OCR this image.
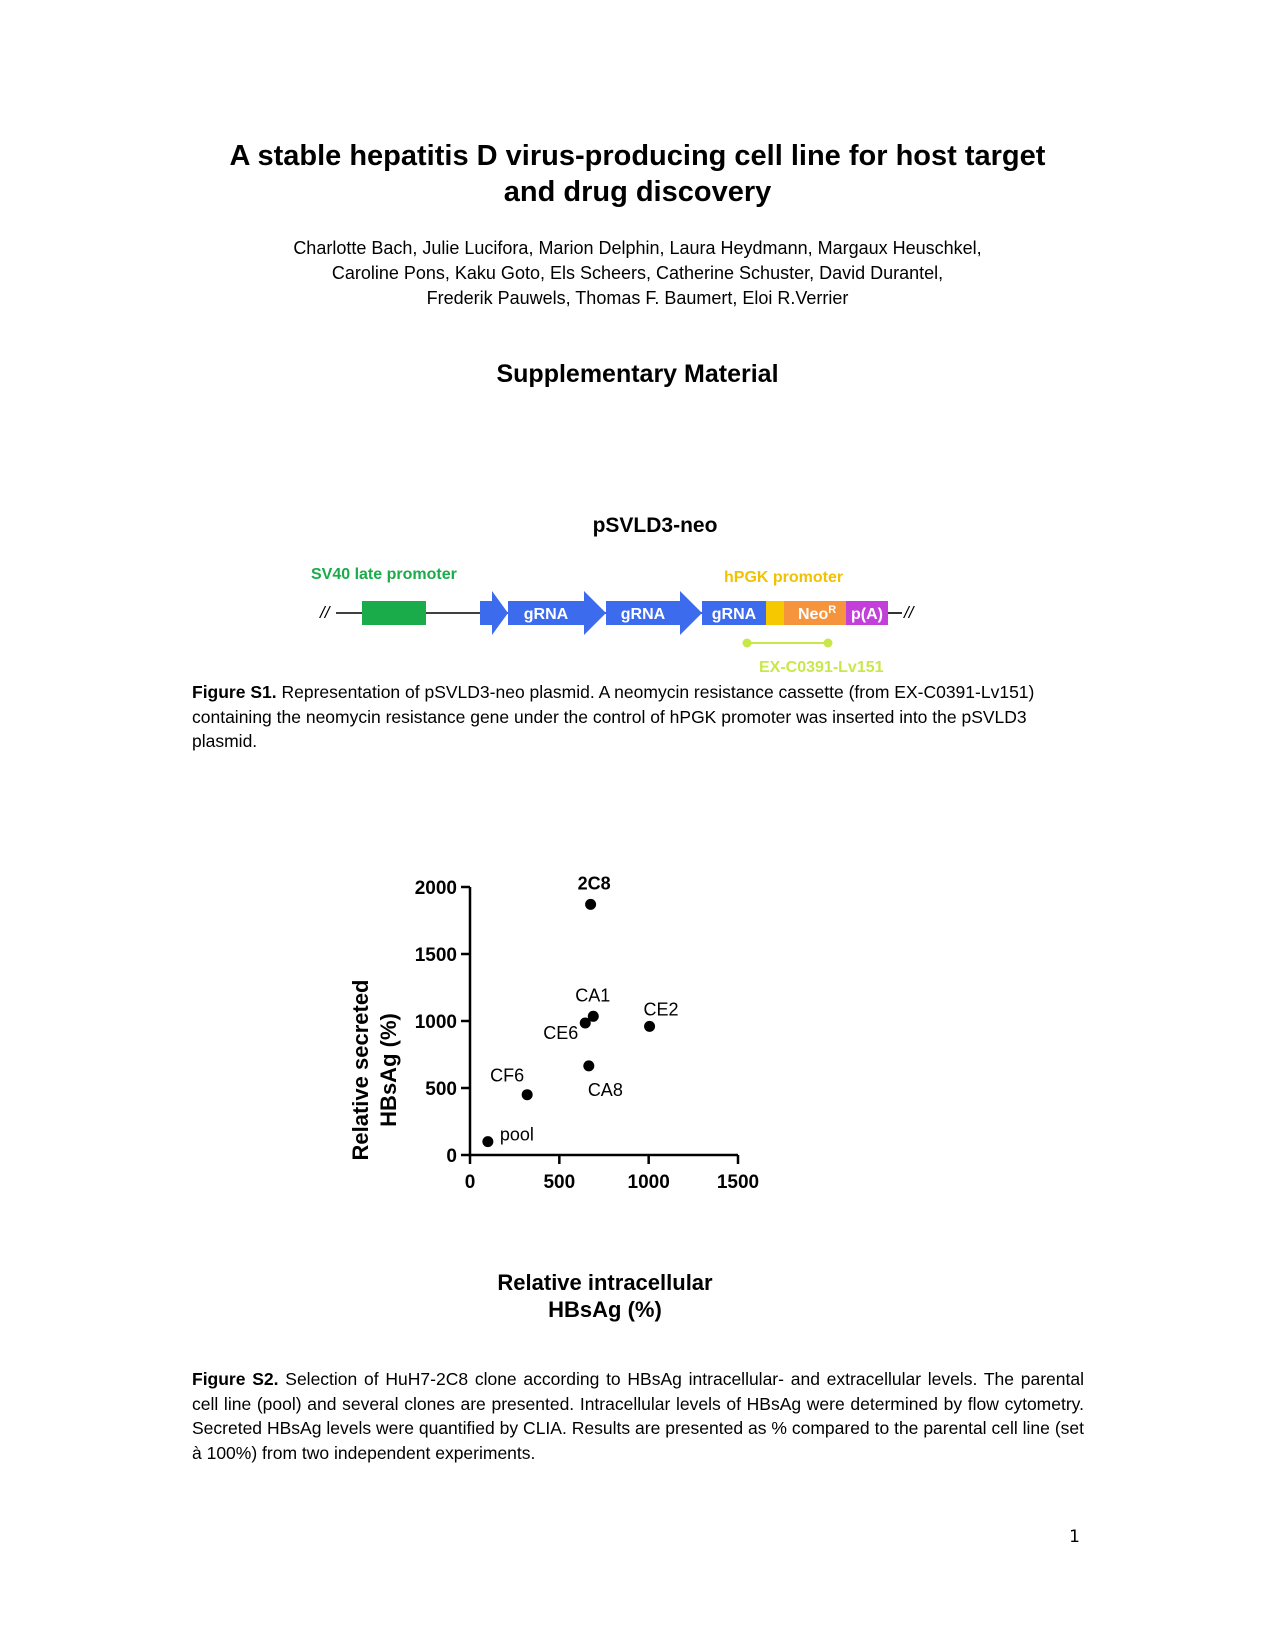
A stable hepatitis D virus-producing cell line for host target
and drug discovery
Charlotte Bach, Julie Lucifora, Marion Delphin, Laura Heydmann, Margaux Heuschkel,
Caroline Pons, Kaku Goto, Els Scheers, Catherine Schuster, David Durantel,
Frederik Pauwels, Thomas F. Baumert, Eloi R.Verrier
Supplementary Material
pSVLD3-neo
SV40 late promoter	hPGK promoter
//	gRNA	gRNA	gRNA	Neo$^R$ p(A) //
EX-C0391-Lv151

Figure S1. Representation of pSVLD3-neo plasmid. A neomycin resistance cassette (from EX-C0391-Lv151) containing the neomycin resistance gene under the control of hPGK promoter was inserted into the pSVLD3 plasmid.

0
500
1000
1500
2000
0	500	1000 1500
pool
CF6
CA8
CE6
CA1
CE2
2C8
Relative intracellular
HBsAg (%)
Relative secreted HBsAg (%)

Figure S2. Selection of HuH7-2C8 clone according to HBsAg intracellular- and extracellular levels. The parental cell line (pool) and several clones are presented. Intracellular levels of HBsAg were determined by flow cytometry. Secreted HBsAg levels were quantified by CLIA. Results are presented as % compared to the parental cell line (set à 100%) from two independent experiments.

1
